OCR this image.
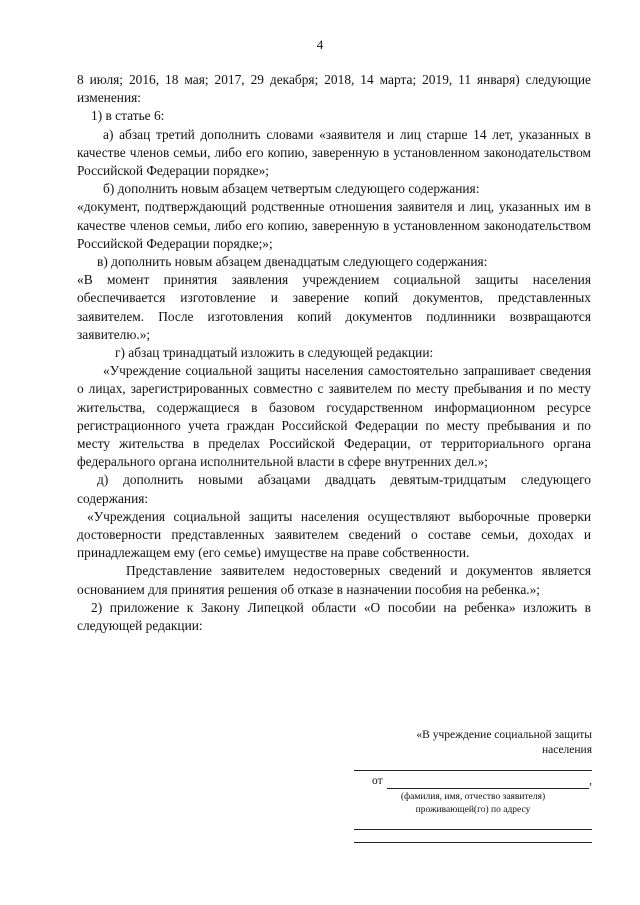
4

8 июля; 2016, 18 мая; 2017, 29 декабря; 2018, 14 марта; 2019, 11 января) следующие изменения:

1) в статье 6:

а) абзац третий дополнить словами «заявителя и лиц старше 14 лет, указанных в качестве членов семьи, либо его копию, заверенную в установленном законодательством Российской Федерации порядке»;

б) дополнить новым абзацем четвертым следующего содержания:

«документ, подтверждающий родственные отношения заявителя и лиц, указанных им в качестве членов семьи, либо его копию, заверенную в установленном законодательством Российской Федерации порядке;»;

в) дополнить новым абзацем двенадцатым следующего содержания:

«В момент принятия заявления учреждением социальной защиты населения обеспечивается изготовление и заверение копий документов, представленных заявителем. После изготовления копий документов подлинники возвращаются заявителю.»;

г) абзац тринадцатый изложить в следующей редакции:

«Учреждение социальной защиты населения самостоятельно запрашивает сведения о лицах, зарегистрированных совместно с заявителем по месту пребывания и по месту жительства, содержащиеся в базовом государственном информационном ресурсе регистрационного учета граждан Российской Федерации по месту пребывания и по месту жительства в пределах Российской Федерации, от территориального органа федерального органа исполнительной власти в сфере внутренних дел.»;

д) дополнить новыми абзацами двадцать девятым-тридцатым следующего содержания:

«Учреждения социальной защиты населения осуществляют выборочные проверки достоверности представленных заявителем сведений о составе семьи, доходах и принадлежащем ему (его семье) имуществе на праве собственности.

Представление заявителем недостоверных сведений и документов является основанием для принятия решения об отказе в назначении пособия на ребенка.»;

2) приложение к Закону Липецкой области «О пособии на ребенка» изложить в следующей редакции:

«В учреждение социальной защиты
населения
от	,
(фамилия, имя, отчество заявителя)
проживающей(го) по адресу
